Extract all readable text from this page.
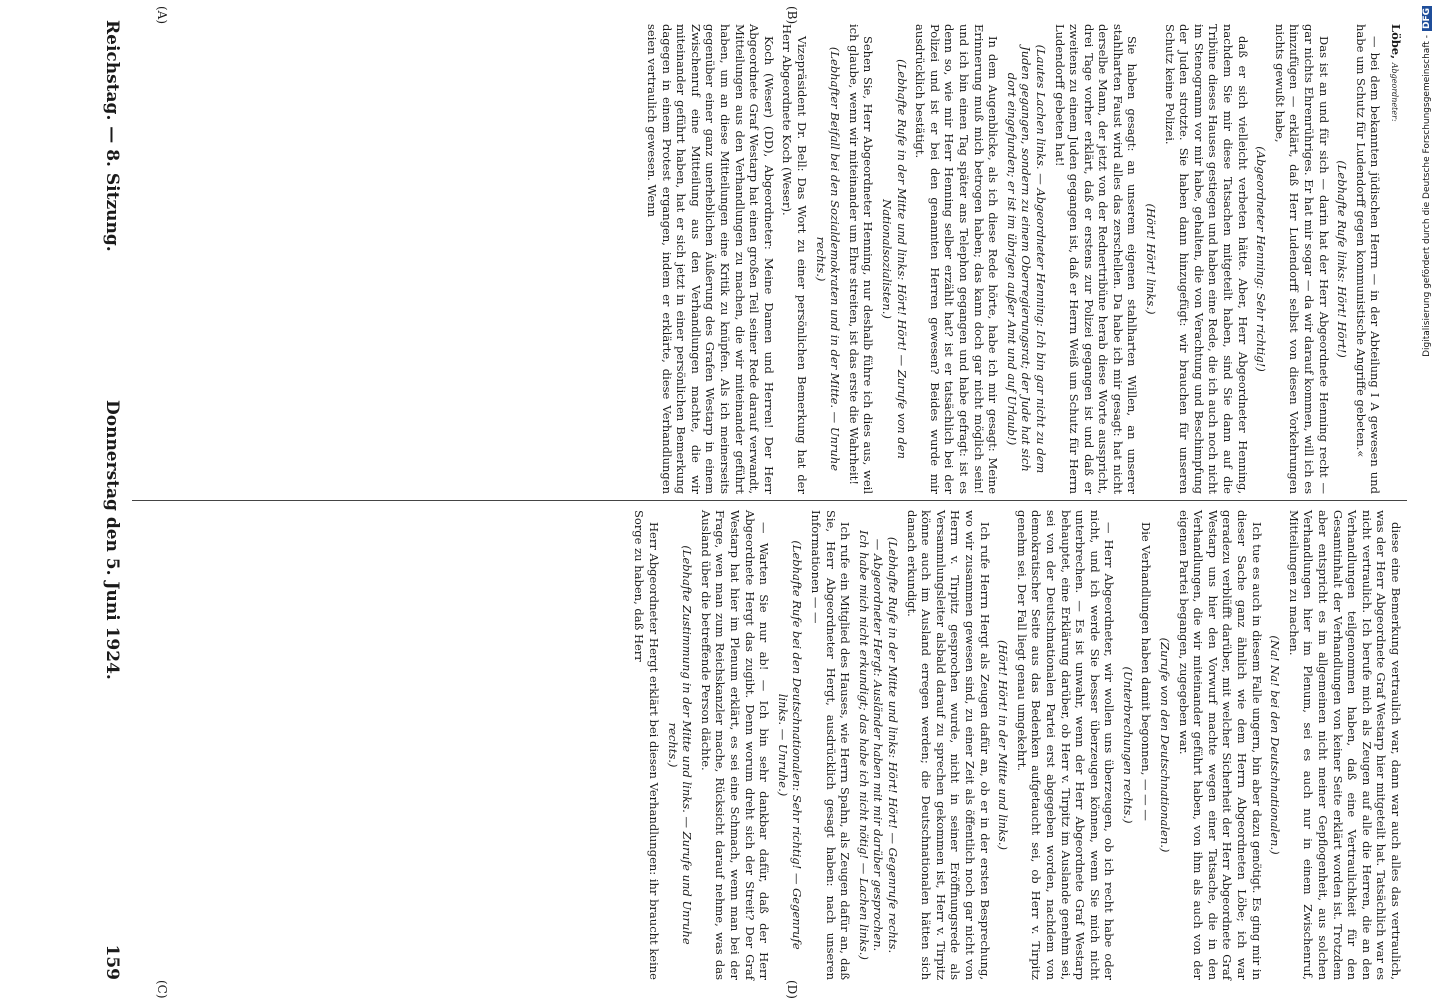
Reichstag. — 8. Sitzung.
Donnerstag den 5. Juni 1924.
159
(A)	(B)
(C)	(D)

Löbe, Abgeordneter:

— bei dem bekannten jüdischen Herrn — in der Abteilung I A gewesen und habe um Schutz für Ludendorff gegen kommunistische Angriffe gebeten.«

(Lebhafte Rufe links: Hört! Hört!)

Das ist an und für sich — darin hat der Herr Abgeordnete Henning recht — gar nichts Ehrenrühriges. Er hat mir sogar — da wir darauf kommen, will ich es hinzufügen — erklärt, daß Herr Ludendorff selbst von diesen Vorkehrungen nichts gewußt habe,

(Abgeordneter Henning: Sehr richtig!)

daß er sich vielleicht verbeten hätte. Aber, Herr Abgeordneter Henning, nachdem Sie mir diese Tatsachen mitgeteilt haben, sind Sie dann auf die Tribüne dieses Hauses gestiegen und haben eine Rede, die ich auch noch nicht im Stenogramm vor mir habe, gehalten, die von Verachtung und Beschimpfung der Juden strotzte. Sie haben dann hinzugefügt: wir brauchen für unseren Schutz keine Polizei.

(Hört! Hört! links.)

Sie haben gesagt: an unserem eigenen stahlharten Willen, an unserer stahlharten Faust wird alles das zerschellen. Da habe ich mir gesagt: hat nicht derselbe Mann, der jetzt von der Rednertribüne herab diese Worte ausspricht, drei Tage vorher erklärt, daß er erstens zur Polizei gegangen ist und daß er zweitens zu einem Juden gegangen ist, daß er Herrn Weiß um Schutz für Herrn Ludendorff gebeten hat!

(Lautes Lachen links. — Abgeordneter Henning: Ich bin gar nicht zu dem Juden gegangen, sondern zu einem Oberregierungsrat; der Jude hat sich dort eingefunden; er ist im übrigen außer Amt und auf Urlaub!)

In dem Augenblicke, als ich diese Rede hörte, habe ich mir gesagt: Meine Erinnerung muß mich betrogen haben; das kann doch gar nicht möglich sein! und ich bin einen Tag später ans Telephon gegangen und habe gefragt: ist es denn so, wie mir Herr Henning selber erzählt hat? ist er tatsächlich bei der Polizei und ist er bei den genannten Herren gewesen? Beides wurde mir ausdrücklich bestätigt.

(Lebhafte Rufe in der Mitte und links: Hört! Hört! — Zurufe von den Nationalsozialisten.)

Sehen Sie, Herr Abgeordneter Henning, nur deshalb führe ich dies aus, weil ich glaube, wenn wir miteinander um Ehre streiten, ist das erste die Wahrheit!

(Lebhafter Beifall bei den Sozialdemokraten und in der Mitte. — Unruhe rechts.)

Vizepräsident Dr. Bell: Das Wort zu einer persönlichen Bemerkung hat der Herr Abgeordnete Koch (Weser).

Koch (Weser) (DD), Abgeordneter: Meine Damen und Herren! Der Herr Abgeordnete Graf Westarp hat einen großen Teil seiner Rede darauf verwandt, Mitteilungen aus den Verhandlungen zu machen, die wir miteinander geführt haben, um an diese Mitteilungen eine Kritik zu knüpfen. Als ich meinerseits gegenüber einer ganz unerheblichen Äußerung des Grafen Westarp in einem Zwischenruf eine Mitteilung aus den Verhandlungen machte, die wir miteinander geführt haben, hat er sich jetzt in einer persönlichen Bemerkung dagegen in einem Protest ergangen, indem er erklärte, diese Verhandlungen seien vertraulich gewesen. Wenn

diese eine Bemerkung vertraulich war, dann war auch alles das vertraulich, was der Herr Abgeordnete Graf Westarp hier mitgeteilt hat. Tatsächlich war es nicht vertraulich. Ich berufe mich als Zeugen auf alle die Herren, die an den Verhandlungen teilgenommen haben, daß eine Vertraulichkeit für den Gesamtinhalt der Verhandlungen von keiner Seite erklärt worden ist. Trotzdem aber entspricht es im allgemeinen nicht meiner Gepflogenheit, aus solchen Verhandlungen hier im Plenum, sei es auch nur in einem Zwischenruf, Mitteilungen zu machen.

(Na! Na! bei den Deutschnationalen.)

Ich tue es auch in diesem Falle ungern, bin aber dazu genötigt. Es ging mir in dieser Sache ganz ähnlich wie dem Herrn Abgeordneten Löbe; ich war geradezu verblüfft darüber, mit welcher Sicherheit der Herr Abgeordnete Graf Westarp uns hier den Vorwurf machte wegen einer Tatsache, die in den Verhandlungen, die wir miteinander geführt haben, von ihm als auch von der eigenen Partei begangen, zugegeben war.

(Zurufe von den Deutschnationalen.)

Die Verhandlungen haben damit begonnen, — — —

(Unterbrechungen rechts.)

— Herr Abgeordneter, wir wollen uns überzeugen, ob ich recht habe oder nicht, und ich werde Sie besser überzeugen können, wenn Sie mich nicht unterbrechen. — Es ist unwahr, wenn der Herr Abgeordnete Graf Westarp behauptet, eine Erklärung darüber, ob Herr v. Tirpitz im Auslande genehm sei, sei von der Deutschnationalen Partei erst abgegeben worden, nachdem von demokratischer Seite aus das Bedenken aufgetaucht sei, ob Herr v. Tirpitz genehm sei. Der Fall liegt genau umgekehrt.

(Hört! Hört! in der Mitte und links.)

Ich rufe Herrn Hergt als Zeugen dafür an, ob er in der ersten Besprechung, wo wir zusammen gewesen sind, zu einer Zeit als öffentlich noch gar nicht von Herrn v. Tirpitz gesprochen wurde, nicht in seiner Eröffnungsrede als Versammlungsleiter alsbald darauf zu sprechen gekommen ist, Herr v. Tirpitz könne auch im Ausland erregen werden; die Deutschnationalen hätten sich danach erkundigt.

(Lebhafte Rufe in der Mitte und links: Hört! Hört! — Gegenrufe rechts. — Abgeordneter Hergt: Ausländer haben mit mir darüber gesprochen. Ich habe mich nicht erkundigt; das habe ich nicht nötig! — Lachen links.)

Ich rufe ein Mitglied des Hauses, wie Herrn Spahn, als Zeugen dafür an, daß Sie, Herr Abgeordneter Hergt, ausdrücklich gesagt haben: nach unseren Informationen — —

(Lebhafte Rufe bei den Deutschnationalen: Sehr richtig! — Gegenrufe links. — Unruhe.)

— Warten Sie nur ab! — Ich bin sehr dankbar dafür, daß der Herr Abgeordnete Hergt das zugibt. Denn worum dreht sich der Streit? Der Graf Westarp hat hier im Plenum erklärt, es sei eine Schmach, wenn man bei der Frage, wen man zum Reichskanzler mache, Rücksicht darauf nehme, was das Ausland über die betreffende Person dächte.

(Lebhafte Zustimmung in der Mitte und links. — Zurufe und Unruhe rechts.)

Herr Abgeordneter Hergt erklärt bei diesen Verhandlungen: ihr braucht keine Sorge zu haben, daß Herr

Digitalisierung gefördert durch die Deutsche Forschungsgemeinschaft -DFG
